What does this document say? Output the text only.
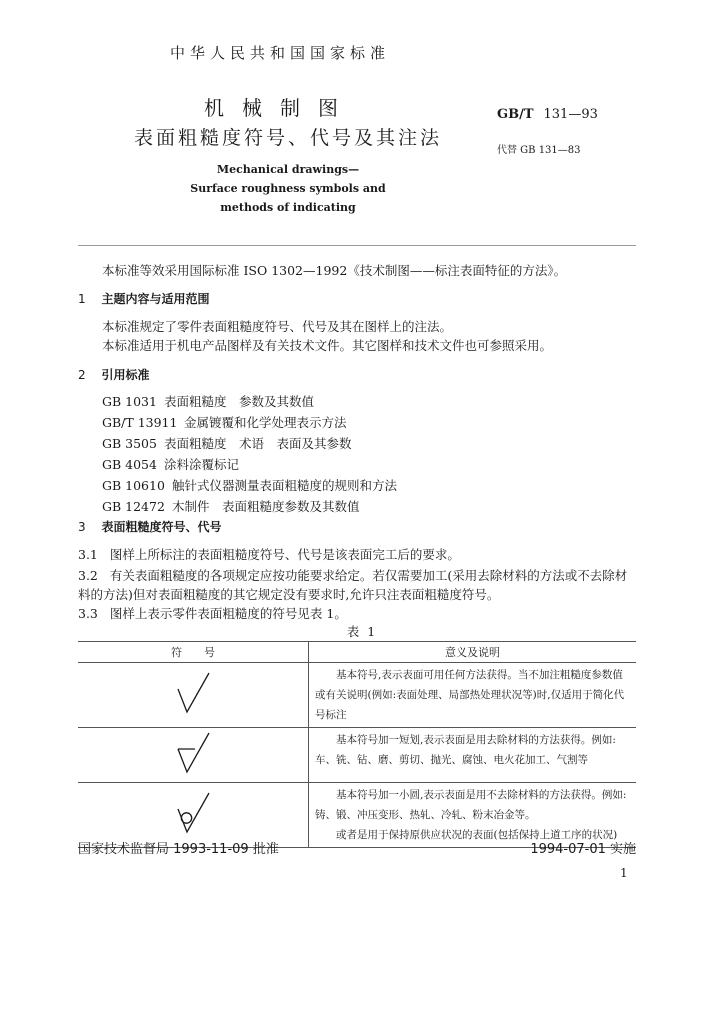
中华人民共和国国家标准
机械制图
表面粗糙度符号、代号及其注法
GB/T 131—93
代替 GB 131—83
Mechanical drawings—
Surface roughness symbols and
methods of indicating
本标准等效采用国际标准 ISO 1302—1992《技术制图——标注表面特征的方法》。
1 主题内容与适用范围
本标准规定了零件表面粗糙度符号、代号及其在图样上的注法。
本标准适用于机电产品图样及有关技术文件。其它图样和技术文件也可参照采用。
2 引用标准
GB 1031 表面粗糙度　参数及其数值
GB/T 13911 金属镀覆和化学处理表示方法
GB 3505 表面粗糙度　术语　表面及其参数
GB 4054 涂料涂覆标记
GB 10610 触针式仪器测量表面粗糙度的规则和方法
GB 12472 木制件　表面粗糙度参数及其数值
3 表面粗糙度符号、代号
3.1 图样上所标注的表面粗糙度符号、代号是该表面完工后的要求。
3.2 有关表面粗糙度的各项规定应按功能要求给定。若仅需要加工(采用去除材料的方法或不去除材
料的方法)但对表面粗糙度的其它规定没有要求时,允许只注表面粗糙度符号。
3.3 图样上表示零件表面粗糙度的符号见表 1。
表 1
符　　号	意义及说明

基本符号,表示表面可用任何方法获得。当不加注粗糙度参数值或有关说明(例如:表面处理、局部热处理状况等)时,仅适用于简化代号标注

基本符号加一短划,表示表面是用去除材料的方法获得。例如:车、铣、钻、磨、剪切、抛光、腐蚀、电火花加工、气割等

基本符号加一小圆,表示表面是用不去除材料的方法获得。例如:铸、锻、冲压变形、热轧、冷轧、粉末冶金等。

或者是用于保持原供应状况的表面(包括保持上道工序的状况)

国家技术监督局 1993-11-09 批准	1994-07-01 实施
1
